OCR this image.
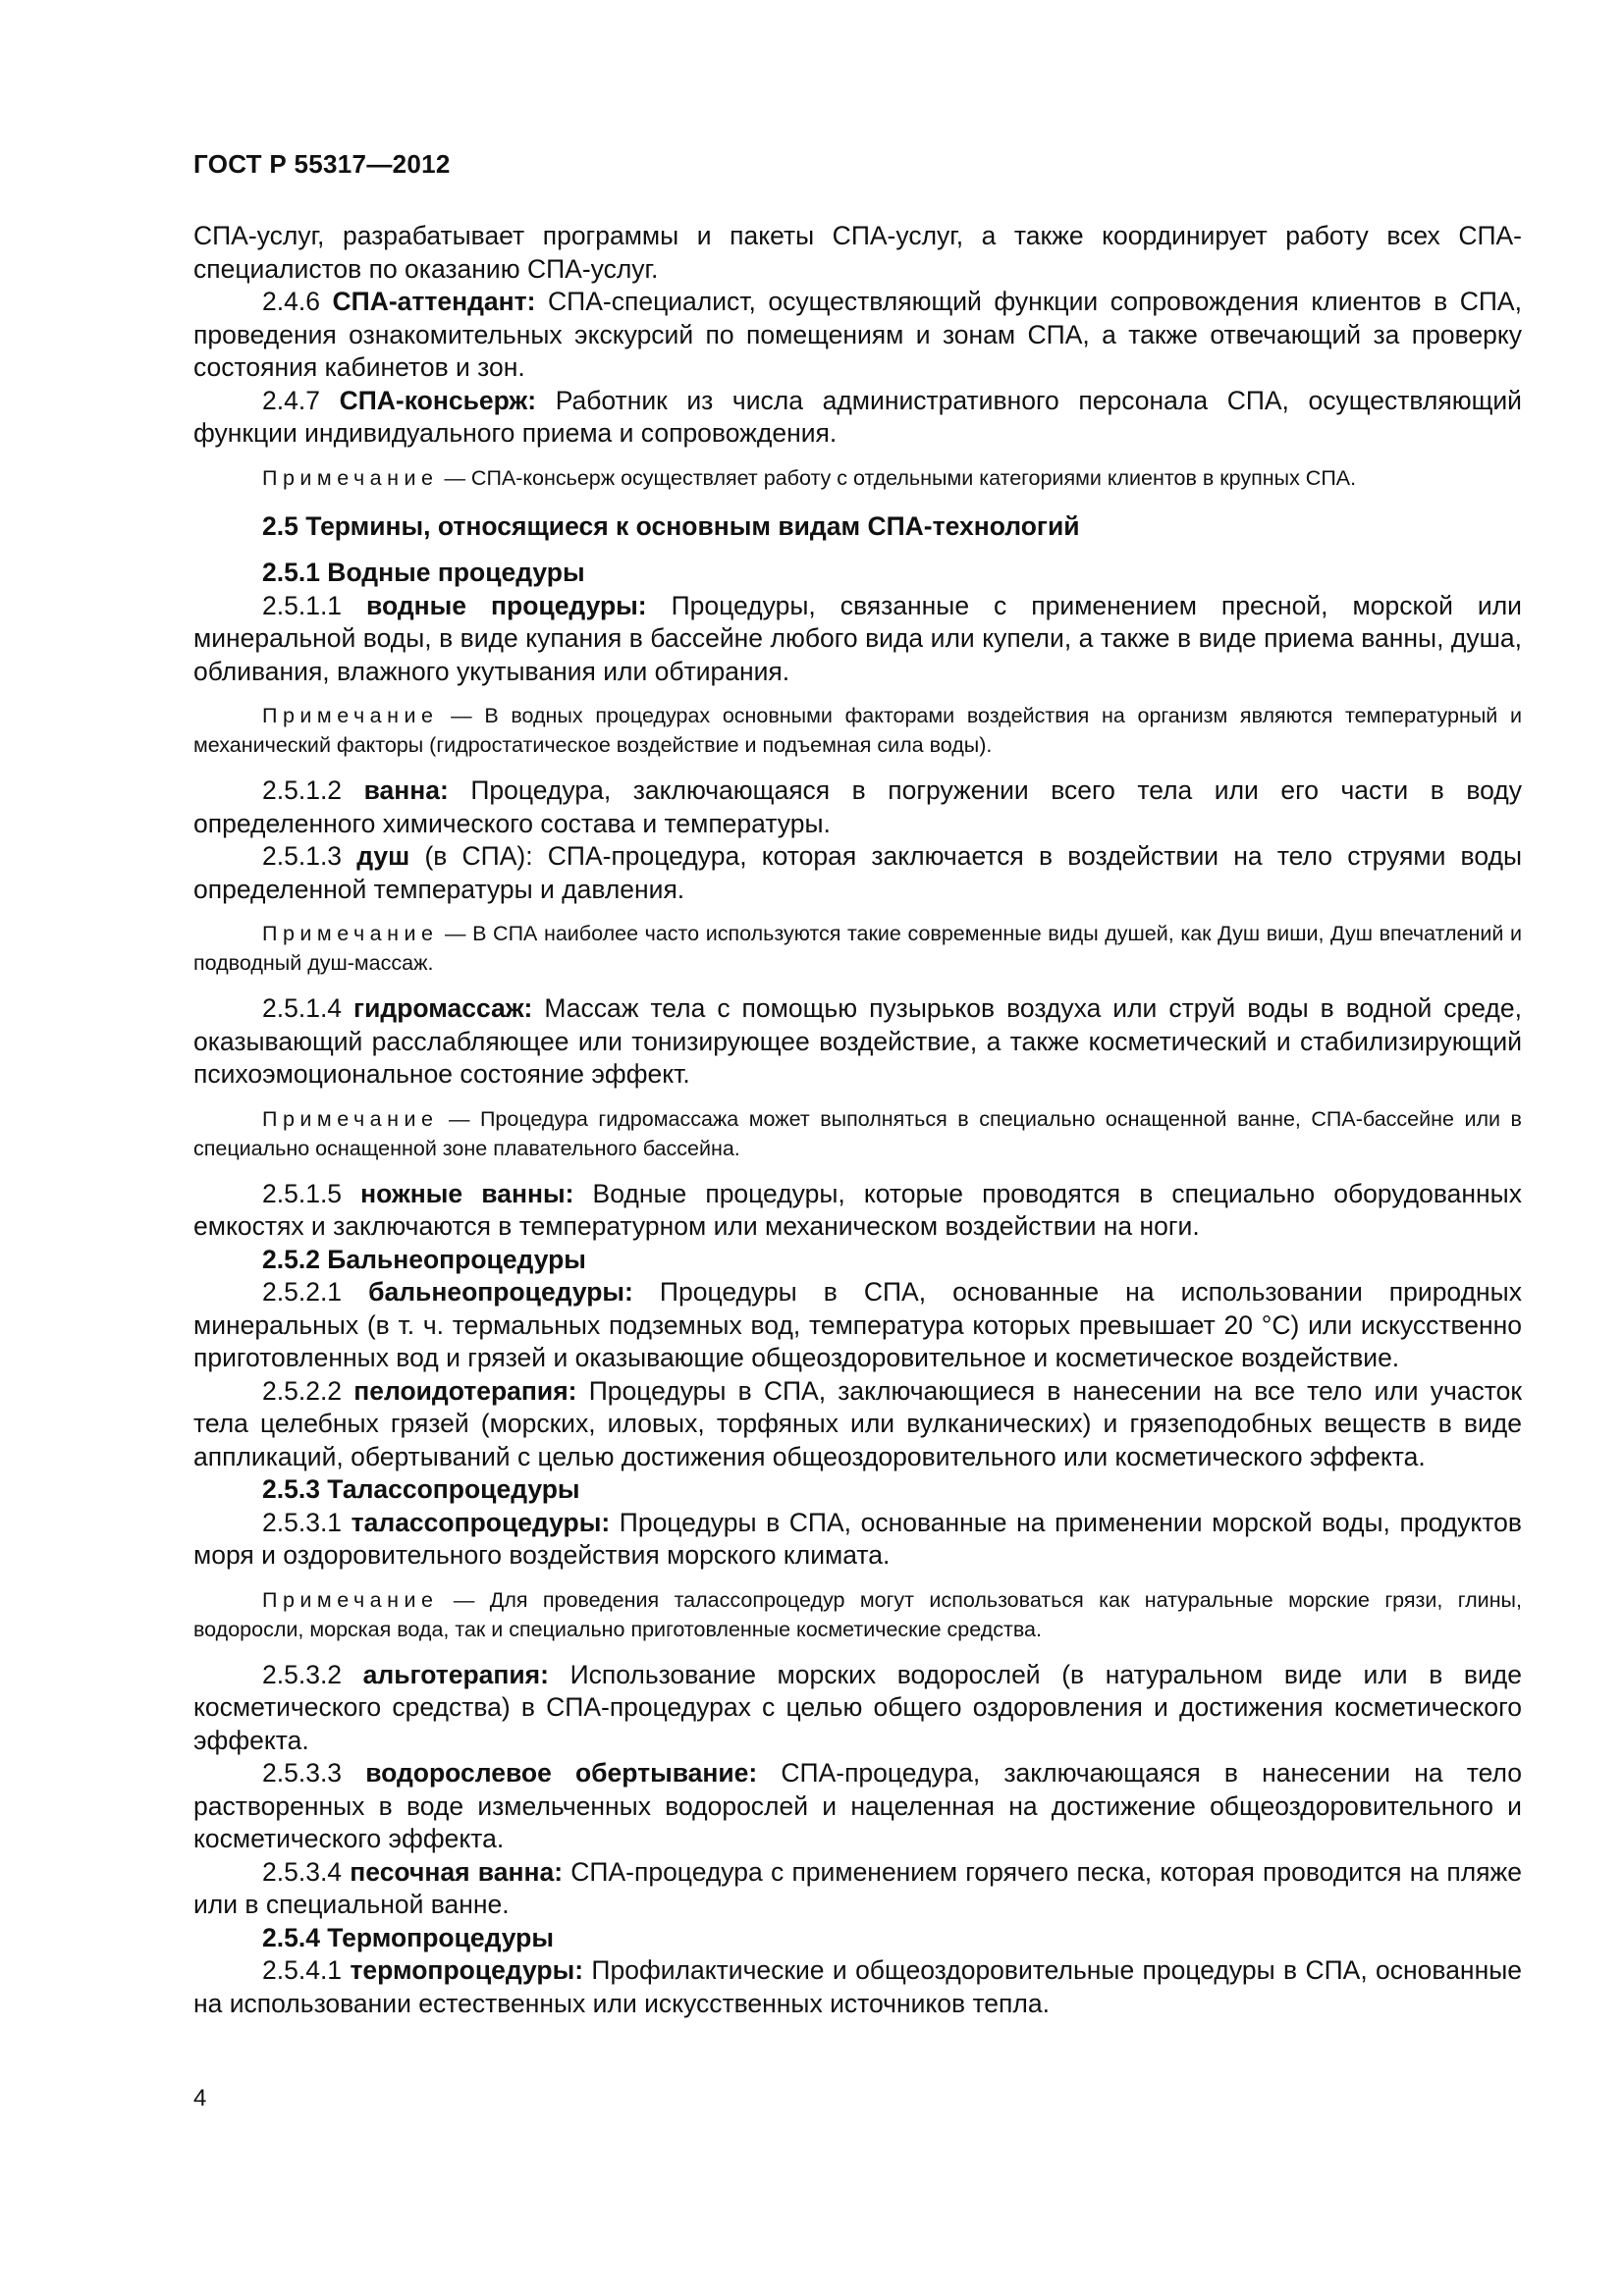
ГОСТ Р 55317—2012

СПА-услуг, разрабатывает программы и пакеты СПА-услуг, а также координирует работу всех СПА-специалистов по оказанию СПА-услуг.

2.4.6 СПА-аттендант: СПА-специалист, осуществляющий функции сопровождения клиентов в СПА, проведения ознакомительных экскурсий по помещениям и зонам СПА, а также отвечающий за проверку состояния кабинетов и зон.

2.4.7 СПА-консьерж: Работник из числа административного персонала СПА, осуществляющий функции индивидуального приема и сопровождения.

Примечание — СПА-консьерж осуществляет работу с отдельными категориями клиентов в крупных СПА.

2.5 Термины, относящиеся к основным видам СПА-технологий

2.5.1 Водные процедуры

2.5.1.1 водные процедуры: Процедуры, связанные с применением пресной, морской или минеральной воды, в виде купания в бассейне любого вида или купели, а также в виде приема ванны, душа, обливания, влажного укутывания или обтирания.

Примечание — В водных процедурах основными факторами воздействия на организм являются температурный и механический факторы (гидростатическое воздействие и подъемная сила воды).

2.5.1.2 ванна: Процедура, заключающаяся в погружении всего тела или его части в воду определенного химического состава и температуры.

2.5.1.3 душ (в СПА): СПА-процедура, которая заключается в воздействии на тело струями воды определенной температуры и давления.

Примечание — В СПА наиболее часто используются такие современные виды душей, как Душ виши, Душ впечатлений и подводный душ-массаж.

2.5.1.4 гидромассаж: Массаж тела с помощью пузырьков воздуха или струй воды в водной среде, оказывающий расслабляющее или тонизирующее воздействие, а также косметический и стабилизирующий психоэмоциональное состояние эффект.

Примечание — Процедура гидромассажа может выполняться в специально оснащенной ванне, СПА-бассейне или в специально оснащенной зоне плавательного бассейна.

2.5.1.5 ножные ванны: Водные процедуры, которые проводятся в специально оборудованных емкостях и заключаются в температурном или механическом воздействии на ноги.

2.5.2 Бальнеопроцедуры

2.5.2.1 бальнеопроцедуры: Процедуры в СПА, основанные на использовании природных минеральных (в т. ч. термальных подземных вод, температура которых превышает 20 °С) или искусственно приготовленных вод и грязей и оказывающие общеоздоровительное и косметическое воздействие.

2.5.2.2 пелоидотерапия: Процедуры в СПА, заключающиеся в нанесении на все тело или участок тела целебных грязей (морских, иловых, торфяных или вулканических) и грязеподобных веществ в виде аппликаций, обертываний с целью достижения общеоздоровительного или косметического эффекта.

2.5.3 Талассопроцедуры

2.5.3.1 талассопроцедуры: Процедуры в СПА, основанные на применении морской воды, продуктов моря и оздоровительного воздействия морского климата.

Примечание — Для проведения талассопроцедур могут использоваться как натуральные морские грязи, глины, водоросли, морская вода, так и специально приготовленные косметические средства.

2.5.3.2 альготерапия: Использование морских водорослей (в натуральном виде или в виде косметического средства) в СПА-процедурах с целью общего оздоровления и достижения косметического эффекта.

2.5.3.3 водорослевое обертывание: СПА-процедура, заключающаяся в нанесении на тело растворенных в воде измельченных водорослей и нацеленная на достижение общеоздоровительного и косметического эффекта.

2.5.3.4 песочная ванна: СПА-процедура с применением горячего песка, которая проводится на пляже или в специальной ванне.

2.5.4 Термопроцедуры

2.5.4.1 термопроцедуры: Профилактические и общеоздоровительные процедуры в СПА, основанные на использовании естественных или искусственных источников тепла.

4
